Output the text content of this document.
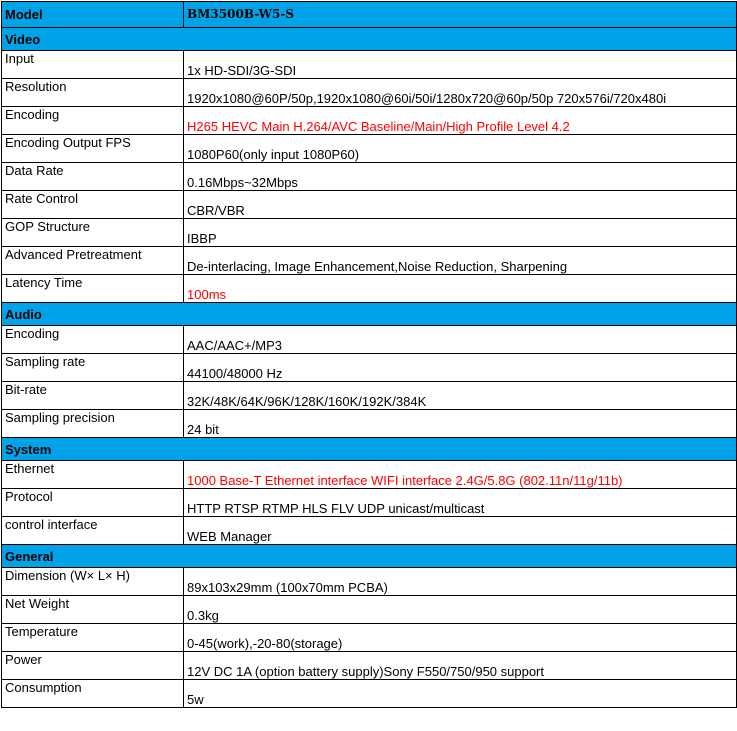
Model	BM3500B-W5-S
Video	
Input	1x HD-SDI/3G-SDI
Resolution	1920x1080@60P/50p,1920x1080@60i/50i/1280x720@60p/50p 720x576i/720x480i
Encoding	H265 HEVC Main H.264/AVC Baseline/Main/High Profile Level 4.2
Encoding Output FPS	1080P60(only input 1080P60)
Data Rate	0.16Mbps~32Mbps
Rate Control	CBR/VBR
GOP Structure	IBBP
Advanced Pretreatment	De-interlacing, Image Enhancement,Noise Reduction, Sharpening
Latency Time	100ms
Audio	
Encoding	AAC/AAC+/MP3
Sampling rate	44100/48000 Hz
Bit-rate	32K/48K/64K/96K/128K/160K/192K/384K
Sampling precision	24 bit
System	
Ethernet	1000 Base-T Ethernet interface WIFI interface 2.4G/5.8G (802.11n/11g/11b)
Protocol	HTTP RTSP RTMP HLS FLV UDP unicast/multicast
control interface	WEB Manager
General	
Dimension (W× L× H)	89x103x29mm (100x70mm PCBA)
Net Weight	0.3kg
Temperature	0-45(work),-20-80(storage)
Power	12V DC 1A (option battery supply)Sony F550/750/950 support
Consumption	5w
